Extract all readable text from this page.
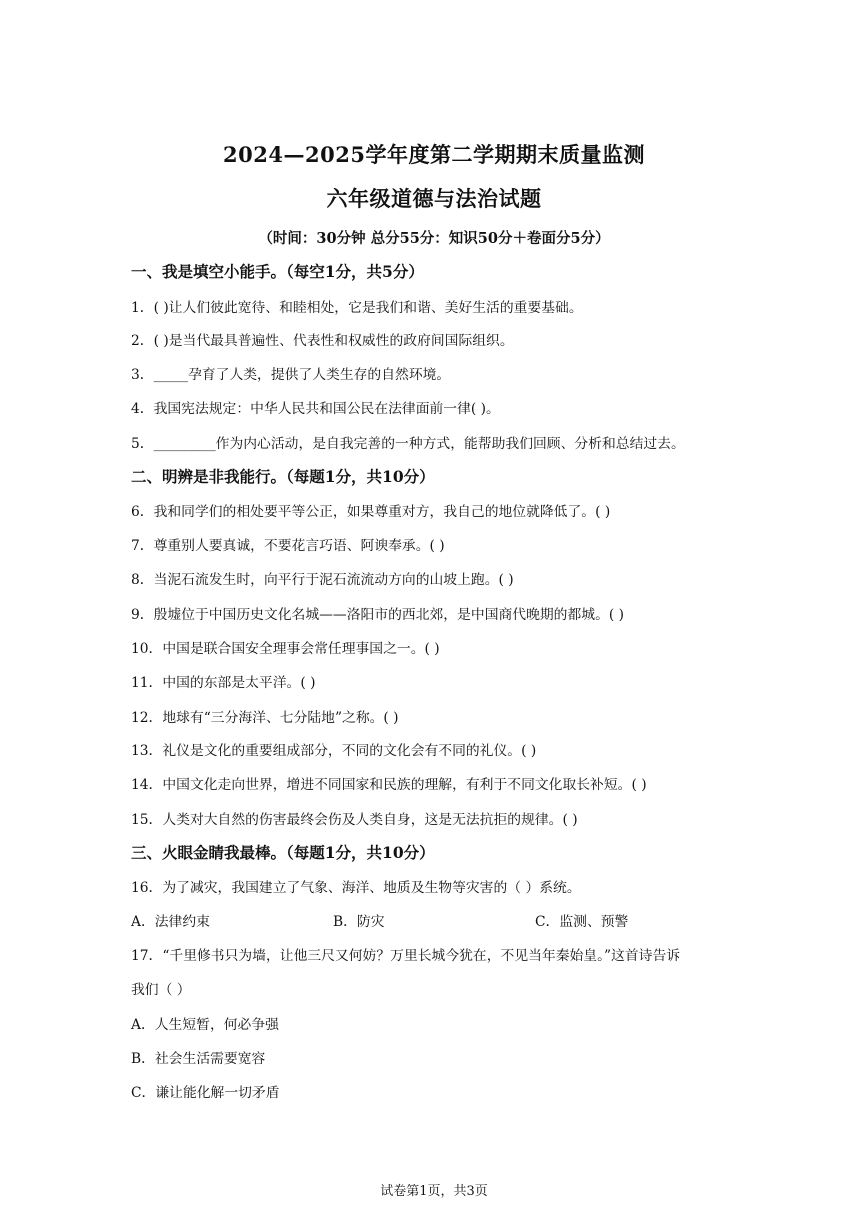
2024—2025学年度第二学期期末质量监测
六年级道德与法治试题
（时间：30分钟 总分55分：知识50分＋卷面分5分）
一、我是填空小能手。（每空1分，共5分）
1．( )让人们彼此宽待、和睦相处，它是我们和谐、美好生活的重要基础。
2．( )是当代最具普遍性、代表性和权威性的政府间国际组织。
3．_____孕育了人类，提供了人类生存的自然环境。
4．我国宪法规定：中华人民共和国公民在法律面前一律( )。
5．_________作为内心活动，是自我完善的一种方式，能帮助我们回顾、分析和总结过去。
二、明辨是非我能行。（每题1分，共10分）
6．我和同学们的相处要平等公正，如果尊重对方，我自己的地位就降低了。( )
7．尊重别人要真诚，不要花言巧语、阿谀奉承。( )
8．当泥石流发生时，向平行于泥石流流动方向的山坡上跑。( )
9．殷墟位于中国历史文化名城——洛阳市的西北郊，是中国商代晚期的都城。( )
10．中国是联合国安全理事会常任理事国之一。( )
11．中国的东部是太平洋。( )
12．地球有“三分海洋、七分陆地”之称。( )
13．礼仪是文化的重要组成部分，不同的文化会有不同的礼仪。( )
14．中国文化走向世界，增进不同国家和民族的理解，有利于不同文化取长补短。( )
15．人类对大自然的伤害最终会伤及人类自身，这是无法抗拒的规律。( )
三、火眼金睛我最棒。（每题1分，共10分）
16．为了减灾，我国建立了气象、海洋、地质及生物等灾害的（ ）系统。
A．法律约束	B．防灾	C．监测、预警
17．“千里修书只为墙，让他三尺又何妨？万里长城今犹在，不见当年秦始皇。”这首诗告诉
我们（ ）
A．人生短暂，何必争强
B．社会生活需要宽容
C．谦让能化解一切矛盾
试卷第1页，共3页
